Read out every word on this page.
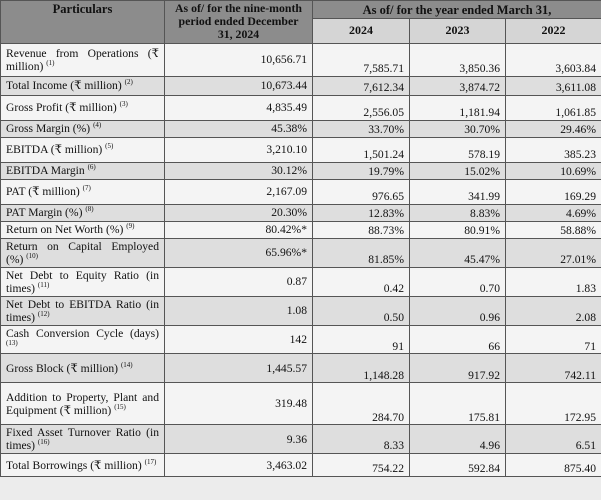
Particulars	As of/ for the nine-month period ended December 31, 2024	As of/ for the year ended March 31,		
		2024	2023	2022
Revenue from Operations (₹ million) $^{(1)}$	10,656.71	7,585.71	3,850.36	3,603.84
Total Income (₹ million) $^{(2)}$	10,673.44	7,612.34	3,874.72	3,611.08
Gross Profit (₹ million) $^{(3)}$	4,835.49	2,556.05	1,181.94	1,061.85
Gross Margin (%) $^{(4)}$	45.38%	33.70%	30.70%	29.46%
EBITDA (₹ million) $^{(5)}$	3,210.10	1,501.24	578.19	385.23
EBITDA Margin $^{(6)}$	30.12%	19.79%	15.02%	10.69%
PAT (₹ million) $^{(7)}$	2,167.09	976.65	341.99	169.29
PAT Margin (%) $^{(8)}$	20.30%	12.83%	8.83%	4.69%
Return on Net Worth (%) $^{(9)}$	80.42%*	88.73%	80.91%	58.88%
Return on Capital Employed (%) $^{(10)}$	65.96%*	81.85%	45.47%	27.01%
Net Debt to Equity Ratio (in times) $^{(11)}$	0.87	0.42	0.70	1.83
Net Debt to EBITDA Ratio (in times) $^{(12)}$	1.08	0.50	0.96	2.08
Cash Conversion Cycle (days) $^{(13)}$	142	91	66	71
Gross Block (₹ million) $^{(14)}$	1,445.57	1,148.28	917.92	742.11
Addition to Property, Plant and Equipment (₹ million) $^{(15)}$	319.48	284.70	175.81	172.95
Fixed Asset Turnover Ratio (in times) $^{(16)}$	9.36	8.33	4.96	6.51
Total Borrowings (₹ million) $^{(17)}$	3,463.02	754.22	592.84	875.40
